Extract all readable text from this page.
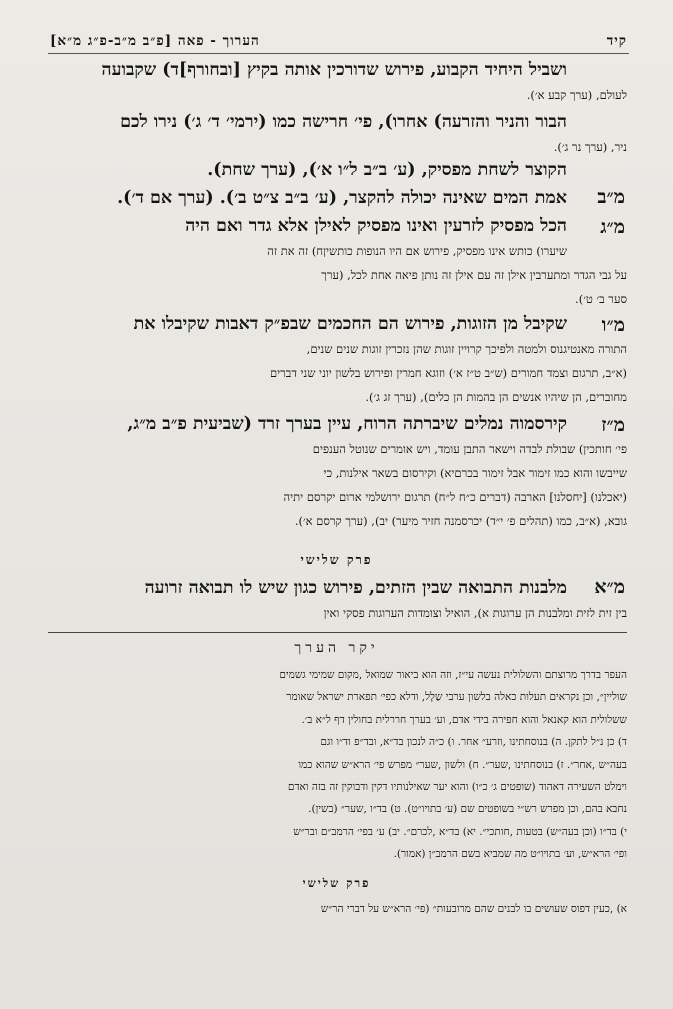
קיד
הערוך - פאה [פ״ב מ״ב-פ״ג מ״א]
ושביל היחיד הקבוע, פירוש שדורכין אותה בקיץ [ובחורף]ד) שקבועה
לעולם, (ערך קבע א׳).
הבור והניר והזרעה) אחרו), פי׳ חרישה כמו (ירמי׳ ד׳ ג׳) נירו לכם
ניר, (ערך נר ג׳).
הקוצר לשחת מפסיק, (ע׳ ב״ב ל״ו א׳), (ערך שחת).
מ״ב
אמת המים שאינה יכולה להקצר, (ע׳ ב״ב צ״ט ב׳). (ערך אם ד׳).
מ״ג
הכל מפסיק לזרעין ואינו מפסיק לאילן אלא גדר ואם היה
שיערו) כותש אינו מפסיק, פירוש אם היו הנופות כותשיןח) זה את זה
על גבי הגדר ומתערבין אילן זה עם אילן זה נותן פיאה אחת לכל, (ערך
סער ב׳ ט׳).
מ״ו
שקיבל מן הזוגות, פירוש הם החכמים שבפ״ק דאבות שקיבלו את
התורה מאנטיגנוס ולמטה ולפיכך קרויין זוגות שהן נזכרין זוגות שנים שנים,
(א״ב, תרגום וצמד חמורים (ש״ב ט״ז א׳) וזוגא חמרין ופירוש בלשון יוני שני דברים
מחוברים, הן שיהיו אנשים הן בהמות הן כלים), (ערך זג ג׳).
מ״ז
קירסמוה נמלים שיברתה הרוח, עיין בערך זרד (שביעית פ״ב מ״ג,
פי׳ חותכין) שבולת לבדה וישאר התבן עומד, ויש אומרים שנוטל הענפים
שייבשו והוא כמו זימור אבל זימור בכרםיא) וקירסום בשאר אילנות, כי
(יאכלנו) [יחסלנו] הארבה (דברים כ״ח ל״ח) תרגום ירושלמי ארום יקרסם יתיה
גובא, (א״ב, כמו (תהלים פ׳ י״ד) יכרסמנה חזיר מיער) יב), (ערך קרסם א׳).
פרק שלישי
מ״א
מלבנות התבואה שבין הזתים, פירוש כגון שיש לו תבואה זרועה
בין זית לזית ומלבנות הן ערוגות א), הואיל וצומדות הערוגות פסקי ואין
יקר הערך
העפר בדרך מרוצתם והשלולית נעשה עי״ז, וזה הוא ביאור שמואל ,מקום שמימי גשמים
שוליין״, וכן נקראים תעלות כאלה בלשון ערבי שַלָל, ודלא כפי׳ תפארת ישראל שאומר
ששלולית הוא קאנאל והוא חפירה בידי אדם, וע׳ בערך חררלית בחולין דף ל״א ב׳.
ד) כן נ״ל לתקן. ה) בנוסחתינו ,וזרע״ אחר. ו) כ״ה לנכון בד״א, ובד״פ וד״ו וגם
בעה״ש ,אחר״. ז) בנוסחתינו ,שער״. ח) ולשון ,שער״ מפרש פי׳ הרא״ש שהוא כמו
וימלט השעירה דאהוד (שופטים ג׳ כ״ו) והוא יער שאילנותיו דקין ודבוקין זה בזה ואדם
נחבא בהם, וכן מפרש רש״י בשופטים שם (ע׳ בתויו״ט). ט) בד״ו ,שער״ (בשין).
י) בד״ו (וכן בעה״ש) בטעות ,חותכי״. יא) בד״א ,לכרם״. יב) ע׳ בפי׳ הרמב״ם ובר״ש
ופי׳ הרא״ש, וע׳ בתויו״ט מה שמביא בשם הרמב״ן (אמור).
פרק שלישי
א) ,כעין דפוס שעושים בו לבנים שהם מרובעות״ (פי׳ הרא״ש על דברי הר״ש
